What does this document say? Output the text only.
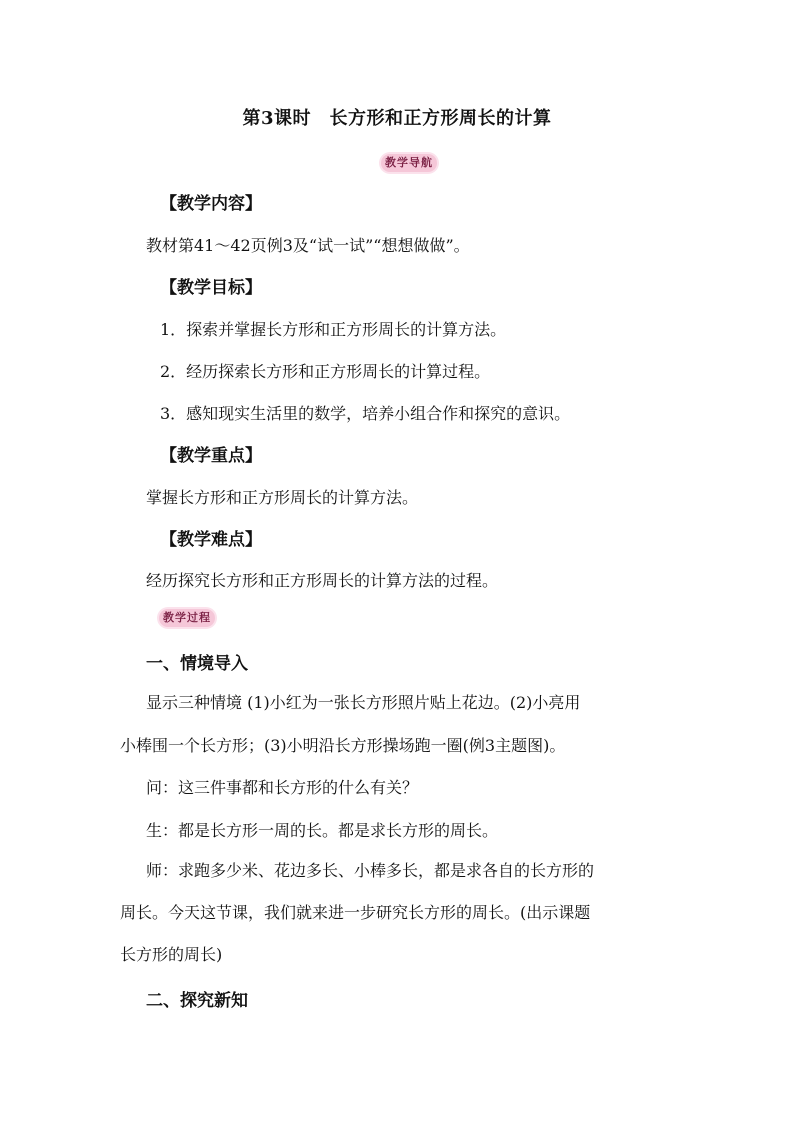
第3课时　长方形和正方形周长的计算
教学导航
【教学内容】
教材第41～42页例3及“试一试”“想想做做”。
【教学目标】
1．探索并掌握长方形和正方形周长的计算方法。
2．经历探索长方形和正方形周长的计算过程。
3．感知现实生活里的数学，培养小组合作和探究的意识。
【教学重点】
掌握长方形和正方形周长的计算方法。
【教学难点】
经历探究长方形和正方形周长的计算方法的过程。
教学过程
一、情境导入
显示三种情境 (1)小红为一张长方形照片贴上花边。(2)小亮用
小棒围一个长方形；(3)小明沿长方形操场跑一圈(例3主题图)。
问：这三件事都和长方形的什么有关？
生：都是长方形一周的长。都是求长方形的周长。
师：求跑多少米、花边多长、小棒多长，都是求各自的长方形的
周长。今天这节课，我们就来进一步研究长方形的周长。(出示课题
长方形的周长)
二、探究新知
